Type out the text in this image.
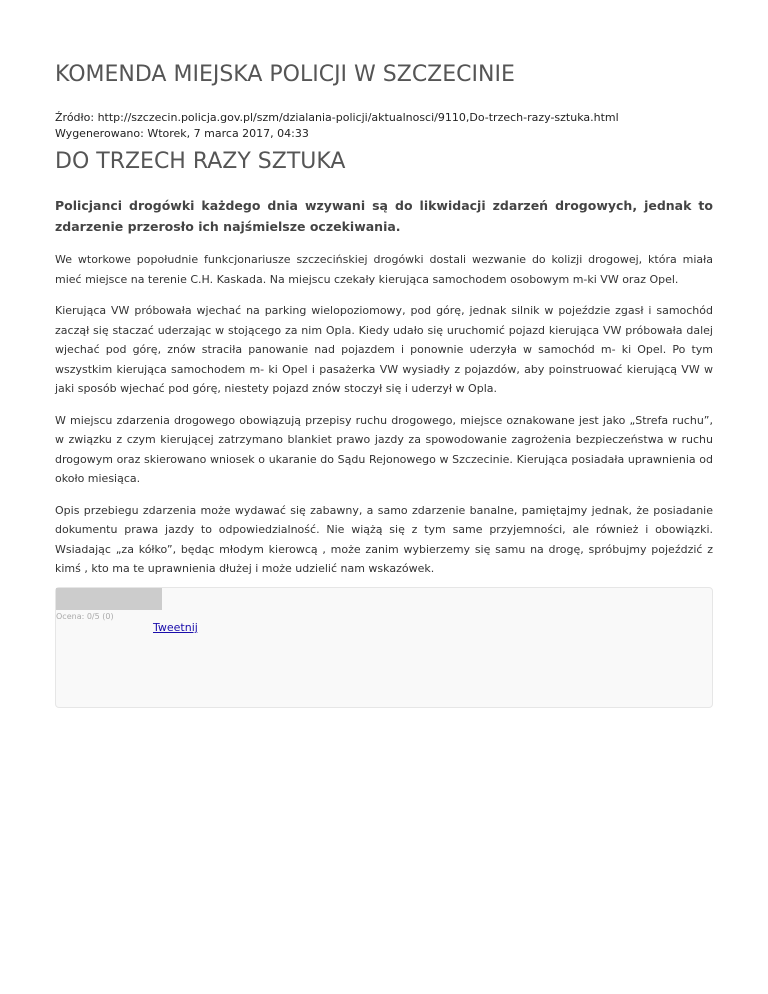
KOMENDA MIEJSKA POLICJI W SZCZECINIE
Źródło: http://szczecin.policja.gov.pl/szm/dzialania-policji/aktualnosci/9110,Do-trzech-razy-sztuka.html
Wygenerowano: Wtorek, 7 marca 2017, 04:33
DO TRZECH RAZY SZTUKA

Policjanci drogówki każdego dnia wzywani są do likwidacji zdarzeń drogowych, jednak to zdarzenie przerosło ich najśmielsze oczekiwania.

We wtorkowe popołudnie funkcjonariusze szczecińskiej drogówki dostali wezwanie do kolizji drogowej, która miała mieć miejsce na terenie C.H. Kaskada. Na miejscu czekały kierująca samochodem osobowym m-ki VW oraz Opel.

Kierująca VW próbowała wjechać na parking wielopoziomowy, pod górę, jednak silnik w pojeździe zgasł i samochód zaczął się staczać uderzając w stojącego za nim Opla. Kiedy udało się uruchomić pojazd kierująca VW próbowała dalej wjechać pod górę, znów straciła panowanie nad pojazdem i ponownie uderzyła w samochód m- ki Opel. Po tym wszystkim kierująca samochodem m- ki Opel i pasażerka VW wysiadły z pojazdów, aby poinstruować kierującą VW w jaki sposób wjechać pod górę, niestety pojazd znów stoczył się i uderzył w Opla.

W miejscu zdarzenia drogowego obowiązują przepisy ruchu drogowego, miejsce oznakowane jest jako „Strefa ruchu”, w związku z czym kierującej zatrzymano blankiet prawo jazdy za spowodowanie zagrożenia bezpieczeństwa w ruchu drogowym oraz skierowano wniosek o ukaranie do Sądu Rejonowego w Szczecinie. Kierująca posiadała uprawnienia od około miesiąca.

Opis przebiegu zdarzenia może wydawać się zabawny, a samo zdarzenie banalne, pamiętajmy jednak, że posiadanie dokumentu prawa jazdy to odpowiedzialność. Nie wiążą się z tym same przyjemności, ale również i obowiązki. Wsiadając „za kółko”, będąc młodym kierowcą , może zanim wybierzemy się samu na drogę, spróbujmy pojeździć z kimś , kto ma te uprawnienia dłużej i może udzielić nam wskazówek.

Ocena: 0/5 (0)
Tweetnij
